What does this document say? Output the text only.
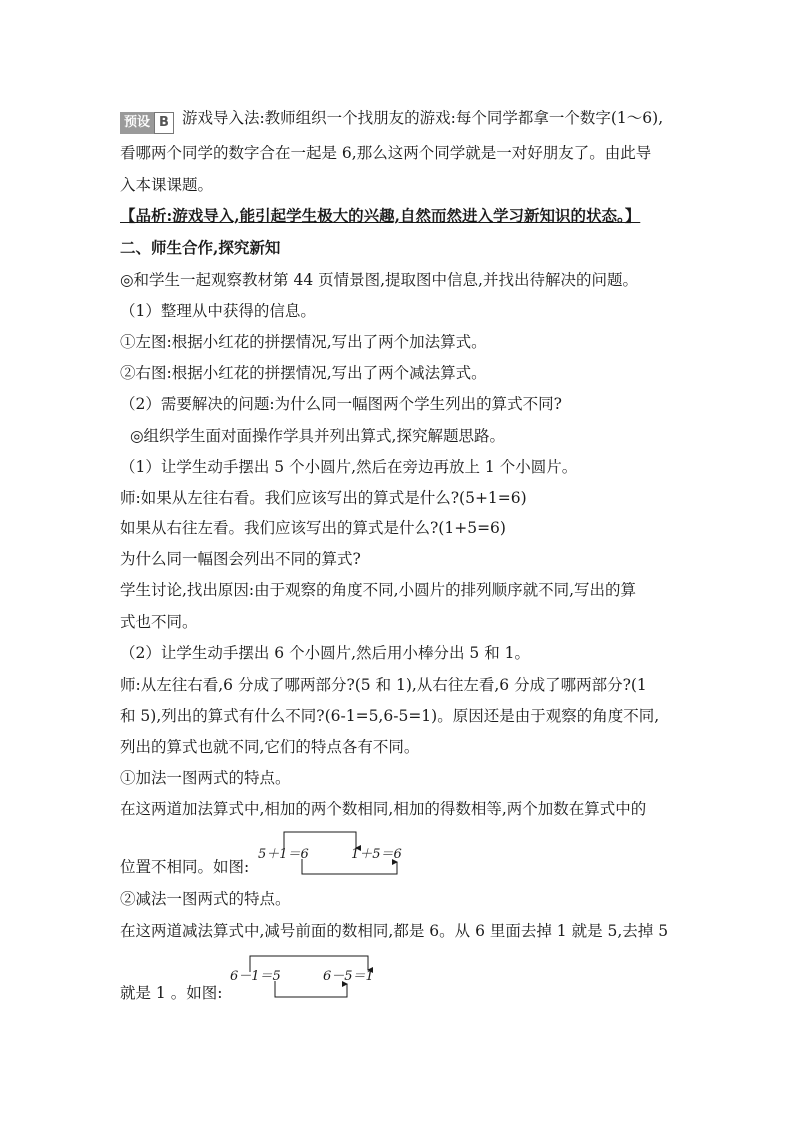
预设 B 游戏导入法:教师组织一个找朋友的游戏:每个同学都拿一个数字(1～6),
看哪两个同学的数字合在一起是 6,那么这两个同学就是一对好朋友了。由此导
入本课课题。
【品析:游戏导入,能引起学生极大的兴趣,自然而然进入学习新知识的状态。】
二、师生合作,探究新知
◎和学生一起观察教材第 44 页情景图,提取图中信息,并找出待解决的问题。
（1）整理从中获得的信息。
①左图:根据小红花的拼摆情况,写出了两个加法算式。
②右图:根据小红花的拼摆情况,写出了两个减法算式。
（2）需要解决的问题:为什么同一幅图两个学生列出的算式不同?
◎组织学生面对面操作学具并列出算式,探究解题思路。
（1）让学生动手摆出 5 个小圆片,然后在旁边再放上 1 个小圆片。
师:如果从左往右看。我们应该写出的算式是什么?(5+1=6)
如果从右往左看。我们应该写出的算式是什么?(1+5=6)
为什么同一幅图会列出不同的算式?
学生讨论,找出原因:由于观察的角度不同,小圆片的排列顺序就不同,写出的算
式也不同。
（2）让学生动手摆出 6 个小圆片,然后用小棒分出 5 和 1。
师:从左往右看,6 分成了哪两部分?(5 和 1),从右往左看,6 分成了哪两部分?(1
和 5),列出的算式有什么不同?(6-1=5,6-5=1)。原因还是由于观察的角度不同,
列出的算式也就不同,它们的特点各有不同。
①加法一图两式的特点。
在这两道加法算式中,相加的两个数相同,相加的得数相等,两个加数在算式中的
位置不相同。如图:
5＋1＝6	1＋5＝6
②减法一图两式的特点。
在这两道减法算式中,减号前面的数相同,都是 6。从 6 里面去掉 1 就是 5,去掉 5
就是 1 。如图:
6－1＝5	6－5＝1
